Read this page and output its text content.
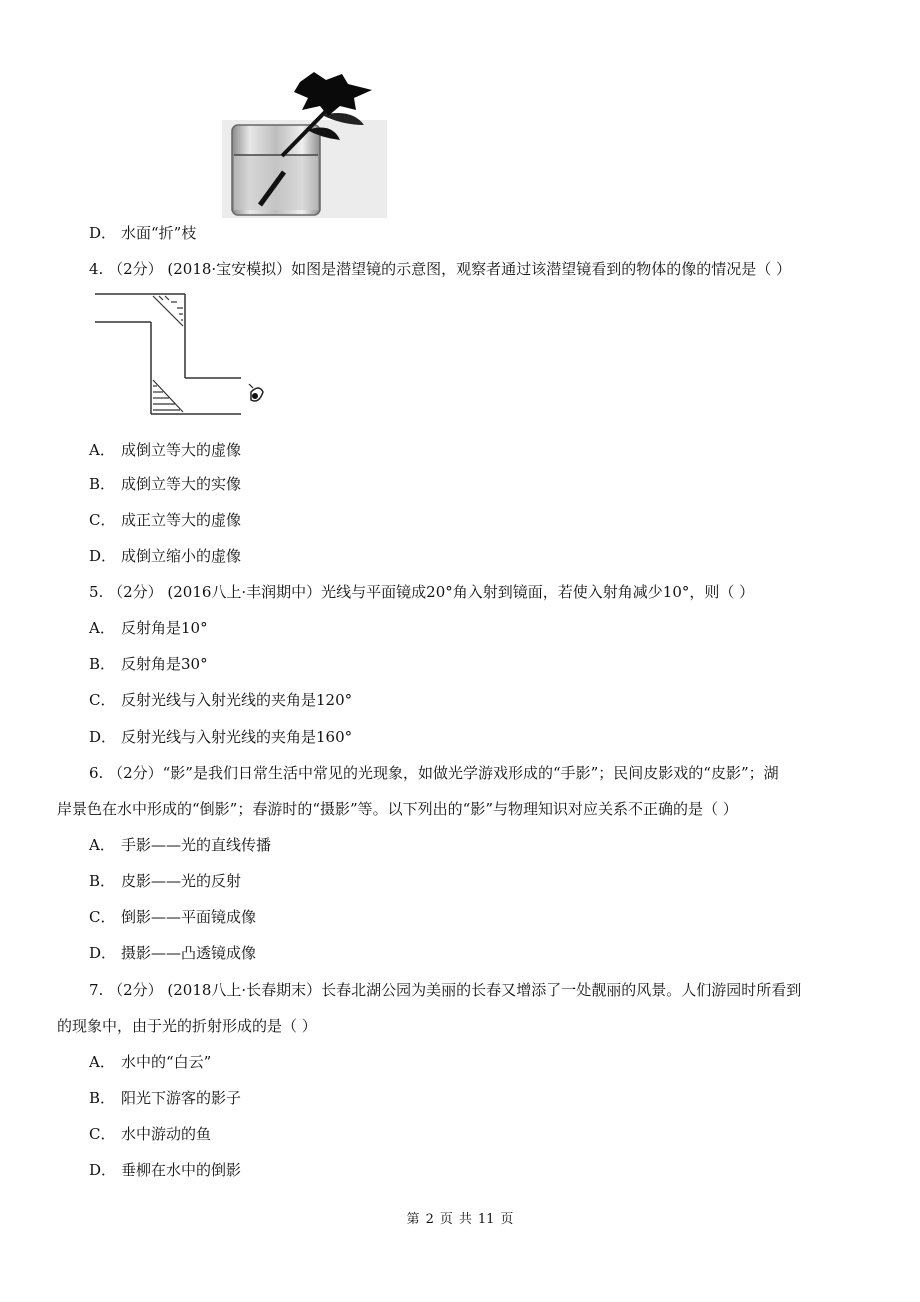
D． 水面“折”枝
4. （2分） (2018·宝安模拟）如图是潜望镜的示意图，观察者通过该潜望镜看到的物体的像的情况是（ ）
A． 成倒立等大的虚像
B． 成倒立等大的实像
C． 成正立等大的虚像
D． 成倒立缩小的虚像
5. （2分） (2016八上·丰润期中）光线与平面镜成20°角入射到镜面，若使入射角减少10°，则（ ）
A． 反射角是10°
B． 反射角是30°
C． 反射光线与入射光线的夹角是120°
D． 反射光线与入射光线的夹角是160°
6. （2分）“影”是我们日常生活中常见的光现象，如做光学游戏形成的“手影”；民间皮影戏的“皮影”；湖
岸景色在水中形成的“倒影”；春游时的“摄影”等。以下列出的“影”与物理知识对应关系不正确的是（ ）
A． 手影——光的直线传播
B． 皮影——光的反射
C． 倒影——平面镜成像
D． 摄影——凸透镜成像
7. （2分） (2018八上·长春期末）长春北湖公园为美丽的长春又增添了一处靓丽的风景。人们游园时所看到
的现象中，由于光的折射形成的是（ ）
A． 水中的“白云”
B． 阳光下游客的影子
C． 水中游动的鱼
D． 垂柳在水中的倒影
第 2 页 共 11 页
